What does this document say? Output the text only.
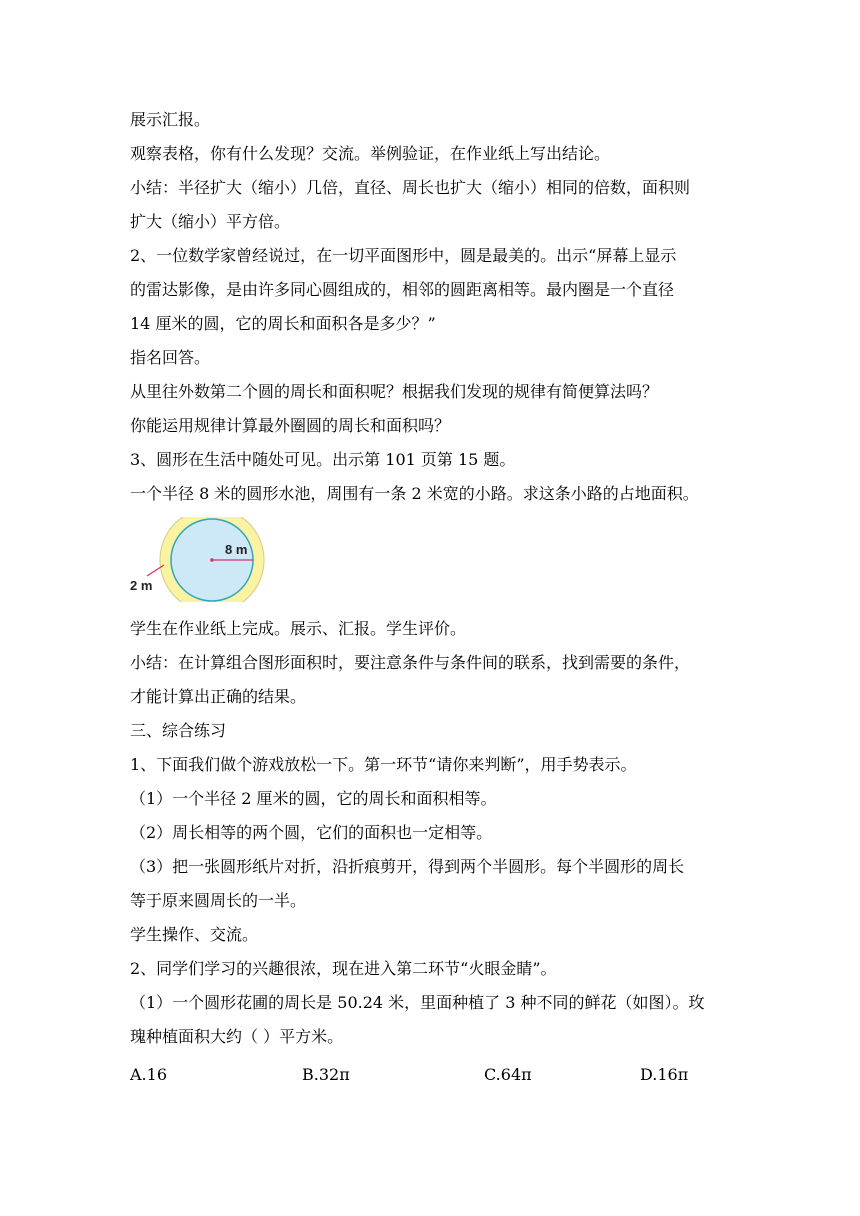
展示汇报。

观察表格，你有什么发现？交流。举例验证，在作业纸上写出结论。

小结：半径扩大（缩小）几倍，直径、周长也扩大（缩小）相同的倍数，面积则

扩大（缩小）平方倍。

2、一位数学家曾经说过，在一切平面图形中，圆是最美的。出示“屏幕上显示

的雷达影像，是由许多同心圆组成的，相邻的圆距离相等。最内圈是一个直径

14 厘米的圆，它的周长和面积各是多少？”

指名回答。

从里往外数第二个圆的周长和面积呢？根据我们发现的规律有简便算法吗？

你能运用规律计算最外圈圆的周长和面积吗？

3、圆形在生活中随处可见。出示第 101 页第 15 题。

一个半径 8 米的圆形水池，周围有一条 2 米宽的小路。求这条小路的占地面积。

8 m
2 m

学生在作业纸上完成。展示、汇报。学生评价。

小结：在计算组合图形面积时，要注意条件与条件间的联系，找到需要的条件，

才能计算出正确的结果。

三、综合练习

1、下面我们做个游戏放松一下。第一环节“请你来判断”，用手势表示。

（1）一个半径 2 厘米的圆，它的周长和面积相等。

（2）周长相等的两个圆，它们的面积也一定相等。

（3）把一张圆形纸片对折，沿折痕剪开，得到两个半圆形。每个半圆形的周长

等于原来圆周长的一半。

学生操作、交流。

2、同学们学习的兴趣很浓，现在进入第二环节“火眼金睛”。

（1）一个圆形花圃的周长是 50.24 米，里面种植了 3 种不同的鲜花（如图）。玫

瑰种植面积大约（ ）平方米。

A.16	B.32π	C.64π	D.16π
